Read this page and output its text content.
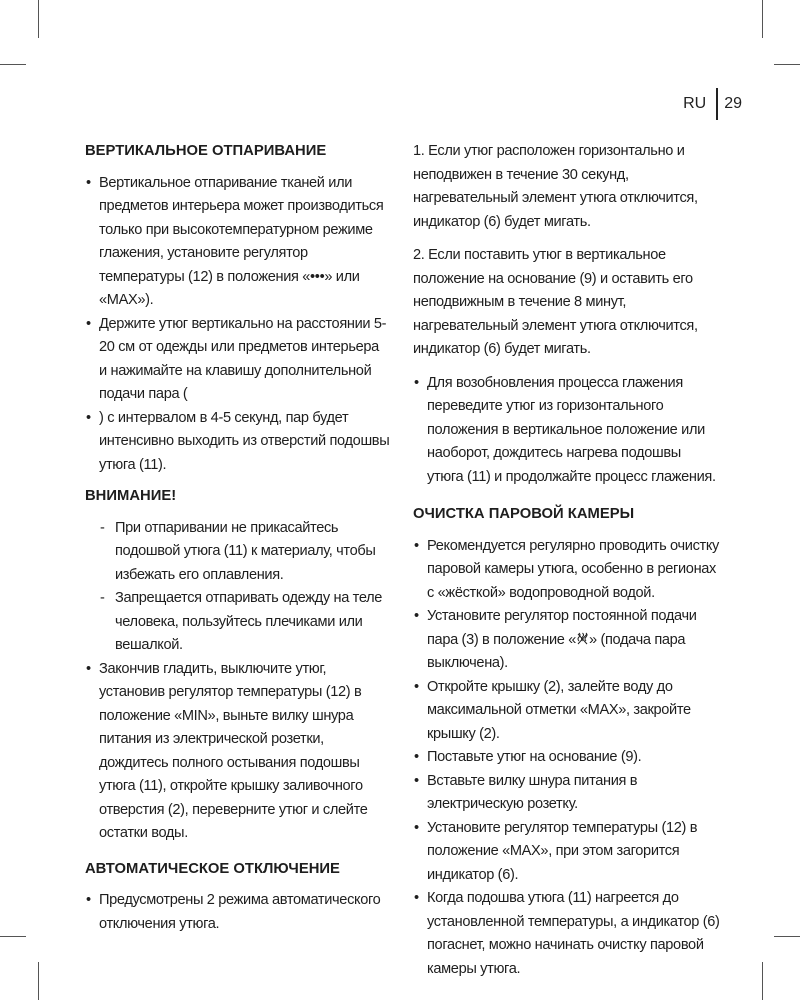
RU 29
ВЕРТИКАЛЬНОЕ ОТПАРИВАНИЕ
• Вертикальное отпаривание тканей или предметов интерьера может производиться только при высокотемпературном режиме глажения, установите регулятор температуры (12) в положения «•••» или «MAX»).
• Держите утюг вертикально на расстоянии 5-20 см от одежды или предметов интерьера и нажимайте на клавишу дополнительной подачи пара (
• ) с интервалом в 4-5 секунд, пар будет интенсивно выходить из отверстий подошвы утюга (11).
ВНИМАНИЕ!
- При отпаривании не прикасайтесь подошвой утюга (11) к материалу, чтобы избежать его оплавления.
- Запрещается отпаривать одежду на теле человека, пользуйтесь плечиками или вешалкой.
• Закончив гладить, выключите утюг, установив регулятор температуры (12) в положение «MIN», выньте вилку шнура питания из электрической розетки, дождитесь полного остывания подошвы утюга (11), откройте крышку заливочного отверстия (2), переверните утюг и слейте остатки воды.
АВТОМАТИЧЕСКОЕ ОТКЛЮЧЕНИЕ
• Предусмотрены 2 режима автоматического отключения утюга.

1. Если утюг расположен горизонтально и неподвижен в течение 30 секунд, нагревательный элемент утюга отключится, индикатор (6) будет мигать.

2. Если поставить утюг в вертикальное положение на основание (9) и оставить его неподвижным в течение 8 минут, нагревательный элемент утюга отключится, индикатор (6) будет мигать.

• Для возобновления процесса глажения переведите утюг из горизонтального положения в вертикальное положение или наоборот, дождитесь нагрева подошвы утюга (11) и продолжайте процесс глажения.
ОЧИСТКА ПАРОВОЙ КАМЕРЫ
• Рекомендуется регулярно проводить очистку паровой камеры утюга, особенно в регионах с «жёсткой» водопроводной водой.
• Установите регулятор постоянной подачи пара (3) в положение « » (подача пара выключена).
• Откройте крышку (2), залейте воду до максимальной отметки «MAX», закройте крышку (2).
• Поставьте утюг на основание (9).
• Вставьте вилку шнура питания в электрическую розетку.
• Установите регулятор температуры (12) в положение «MAX», при этом загорится индикатор (6).
• Когда подошва утюга (11) нагреется до установленной температуры, а индикатор (6) погаснет, можно начинать очистку паровой камеры утюга.
